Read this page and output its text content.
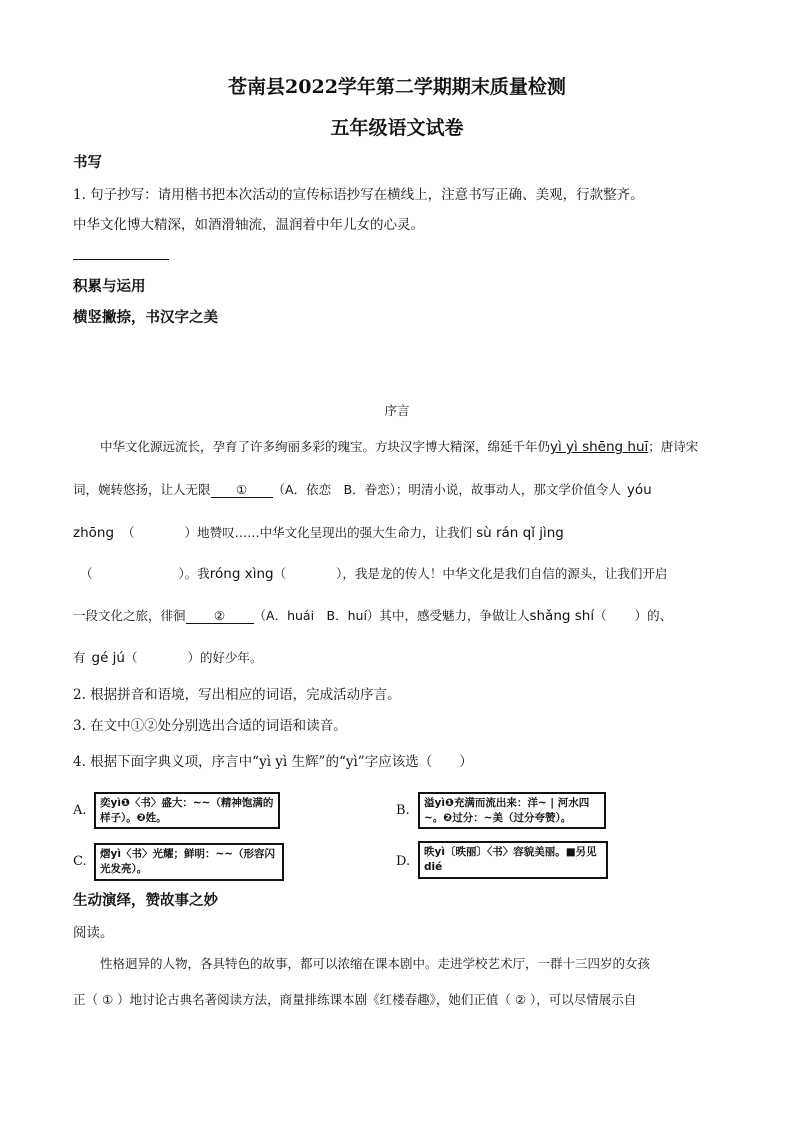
苍南县2022学年第二学期期末质量检测
五年级语文试卷
书写
1. 句子抄写：请用楷书把本次活动的宣传标语抄写在横线上，注意书写正确、美观，行款整齐。
中华文化博大精深，如酒滑轴流，温润着中年儿女的心灵。
积累与运用
横竖撇捺，书汉字之美
序言
中华文化源远流长，孕育了许多绚丽多彩的瑰宝。方块汉字博大精深，绵延千年仍yì yì shēng huī；唐诗宋
词，婉转悠扬，让人无限 ① （A．依恋　B．眷恋）；明清小说，故事动人，那文学价值令人 yóu
zhōng （	）地赞叹……中华文化呈现出的强大生命力，让我们 sù rán qǐ jìng
（	）。我róng xìng（	），我是龙的传人！中华文化是我们自信的源头，让我们开启
一段文化之旅，徘徊 ② （A．huái　B．huí）其中，感受魅力，争做让人shǎng shí（ ）的、
有 gé jú（	）的好少年。
2. 根据拼音和语境，写出相应的词语，完成活动序言。
3. 在文中①②处分别选出合适的词语和读音。
4. 根据下面字典义项，序言中“yì yì 生辉”的“yì”字应该选（　　）
A.	奕yì❶〈书〉盛大：~~（精神饱满的样子）。❷姓。	B.	溢yì❶充满而流出来：洋~ | 河水四~。❷过分：~美（过分夸赞）。
C.	熠yì〈书〉光耀；鲜明：~~（形容闪光发亮）。	D.
昳yì〔昳丽〕〈书〉容貌美丽。■另见 dié
生动演绎，赞故事之妙
阅读。
性格迥异的人物，各具特色的故事，都可以浓缩在课本剧中。走进学校艺术厅，一群十三四岁的女孩
正（ ① ）地讨论古典名著阅读方法，商量排练课本剧《红楼春趣》，她们正值（ ② ），可以尽情展示自
